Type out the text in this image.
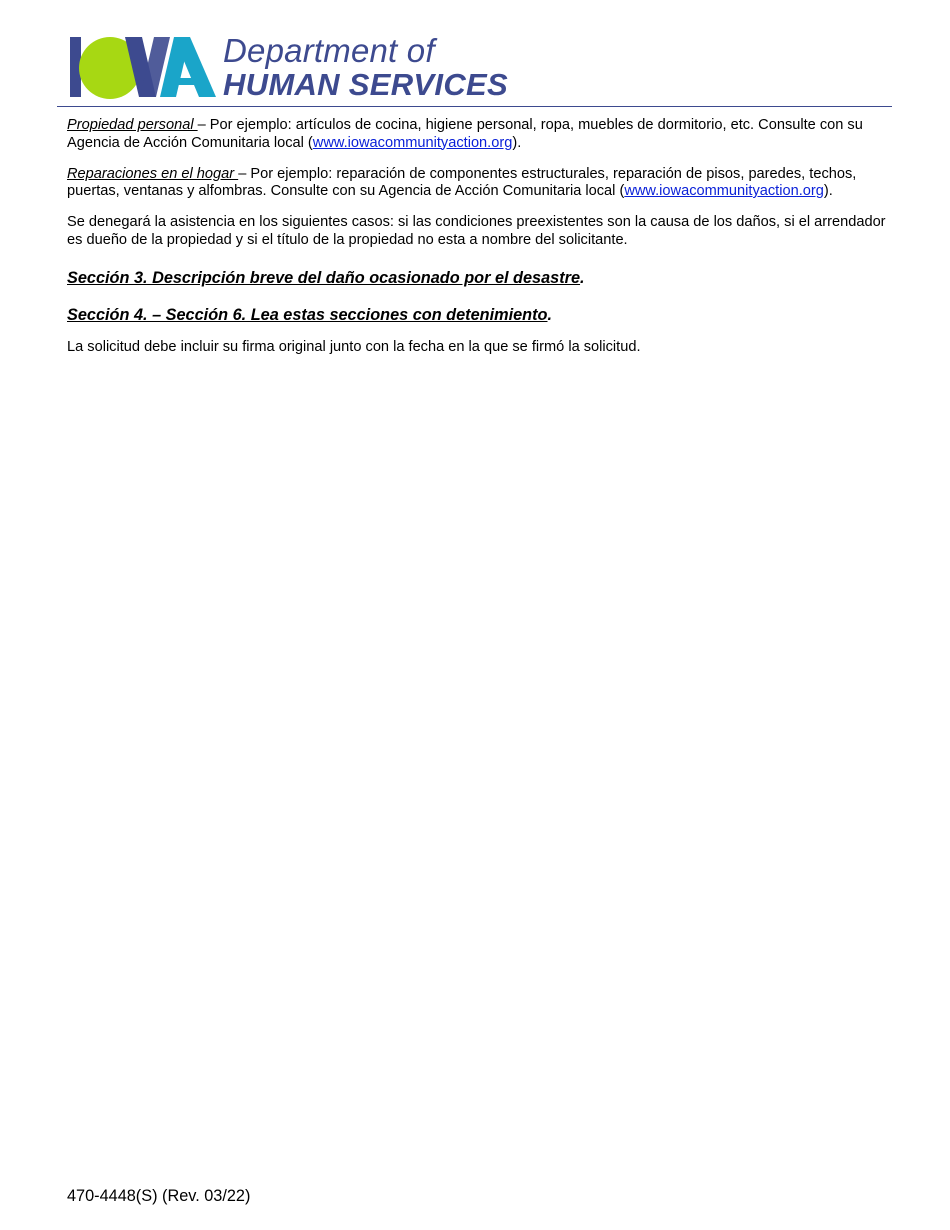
Department of
HUMAN SERVICES

Propiedad personal – Por ejemplo: artículos de cocina, higiene personal, ropa, muebles de dormitorio, etc. Consulte con su Agencia de Acción Comunitaria local (www.iowacommunityaction.org).

Reparaciones en el hogar – Por ejemplo: reparación de componentes estructurales, reparación de pisos, paredes, techos, puertas, ventanas y alfombras. Consulte con su Agencia de Acción Comunitaria local (www.iowacommunityaction.org).

Se denegará la asistencia en los siguientes casos: si las condiciones preexistentes son la causa de los daños, si el arrendador es dueño de la propiedad y si el título de la propiedad no esta a nombre del solicitante.

Sección 3. Descripción breve del daño ocasionado por el desastre.

Sección 4. – Sección 6. Lea estas secciones con detenimiento.

La solicitud debe incluir su firma original junto con la fecha en la que se firmó la solicitud.

470-4448(S) (Rev. 03/22)
